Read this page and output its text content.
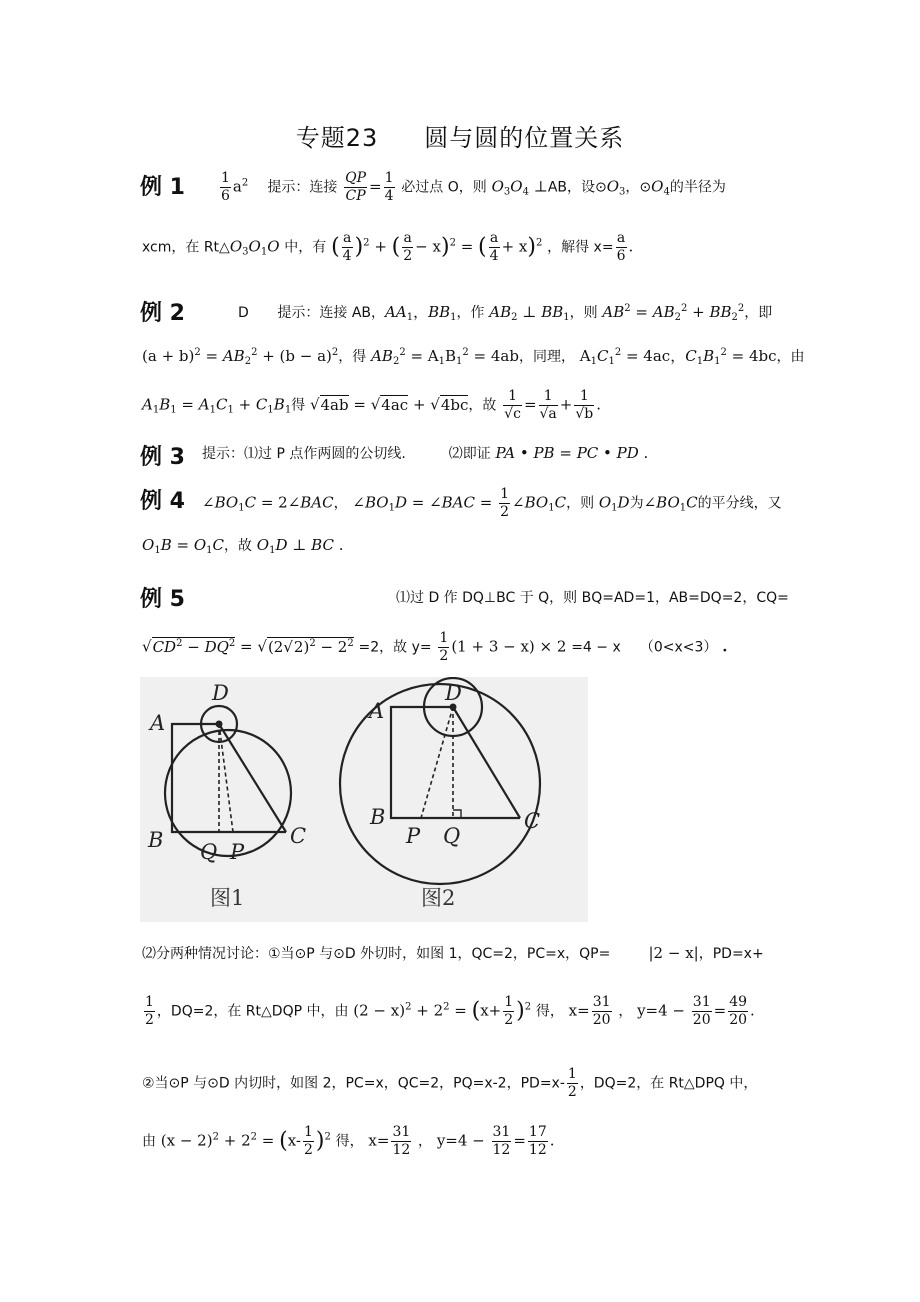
专题23 圆与圆的位置关系
例 1	$\frac{1}{6} a^2$ 提示：连接 $\frac{QP}{CP} = \frac{1}{4}$ 必过点 O，则 $O_3O_4$ ⊥AB，设$⊙O_3$，$⊙O_4$的半径为
xcm，在 $Rt\triangle O_3O_1O$ 中，有 ( $\frac{a}{4} )^2$ + ( $\frac{a}{2} - x)^2$ = ( $\frac{a}{4} + x)^2$ ，解得 $x= \frac{a}{6}$ .
例 2	D 提示：连接 AB，$AA_1$，$BB_1$，作 $AB_2$ ⊥ $BB_1$，则 $AB^2 = AB_2^2 + BB_2^2$，即
$(a + b)^2 = AB_2^2 + (b - a)^2$，得 $AB_2^2 = A_1B_1^2 = 4ab$，同理， $A_1C_1^2 = 4ac$，$C_1B_1^2 = 4bc$，由
$A_1B_1 = A_1C_1 + C_1B_1$得 √4ab = √4ac + √4bc，故 $\frac{1}{√c} = \frac{1}{√a} + \frac{1}{√b}$ .
例 3 提示：⑴过 P 点作两圆的公切线.	⑵即证 PA • PB = PC • PD .
例 4 $\angle BO_1C$ = 2∠BAC， $\angle BO_1D$ = ∠BAC = $\frac{1}{2}$ $\angle BO_1C$，则 $O_1D$为$\angle BO_1C$的平分线，又
$O_1B = O_1C$，故 $O_1D$ ⊥ BC .
例 5	⑴过 D 作 DQ⊥BC 于 Q，则 BQ=AD=1，AB=DQ=2，CQ=
$√CD^2 - DQ^2 = √(2√2)^2 - 2^2 =2$，故 $y= \frac{1}{2} (1 + 3 - x) \times 2 =4 - x$ （0<x<3） .
A
D
B Q P
C
A
D
B
P Q
C
图1	图2
⑵分两种情况讨论：①当⊙P 与⊙D 外切时，如图 1，QC=2，PC=x，QP=        |2 − x|，PD=x+
$\frac{1}{2}$ ，DQ=2，在 Rt△DQP 中，由 $(2 - x)^2 + 2^2 = (x+ \frac{1}{2} )^2$ 得， $x= \frac{31}{20}$ ， $y=4 - \frac{31}{20} = \frac{49}{20}$ .
②当⊙P 与⊙D 内切时，如图 2，PC=x，QC=2，PQ=x-2，$PD=x- \frac{1}{2}$ ，DQ=2，在 Rt△DPQ 中，
由 $(x - 2)^2 + 2^2 = (x- \frac{1}{2} )^2$ 得， $x= \frac{31}{12}$ ， $y=4 - \frac{31}{12} = \frac{17}{12}$ .
